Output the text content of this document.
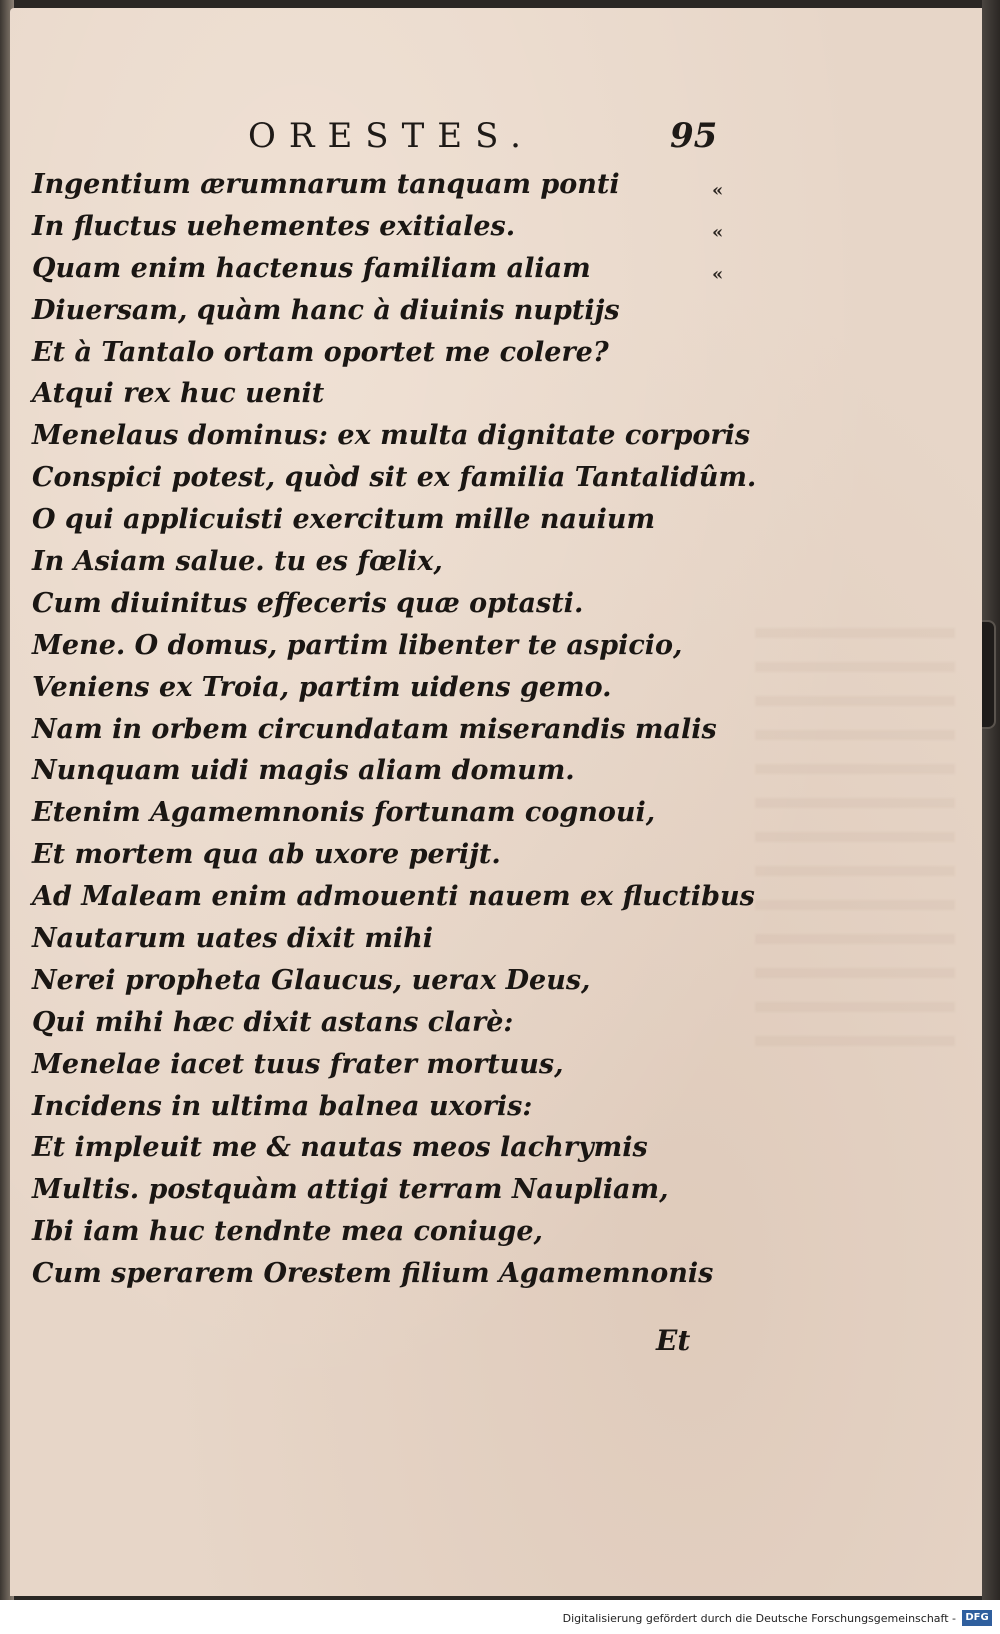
ORESTES.	95
«
«
«
Ingentium ærumnarum tanquam ponti
In fluctus uehementes exitiales.
Quam enim hactenus familiam aliam
Diuersam, quàm hanc à diuinis nuptijs
Et à Tantalo ortam oportet me colere?
Atqui rex huc uenit
Menelaus dominus: ex multa dignitate corporis
Conspici potest, quòd sit ex familia Tantalidûm.
O qui applicuisti exercitum mille nauium
In Asiam salue. tu es fœlix,
Cum diuinitus effeceris quæ optasti.
Mene. O domus, partim libenter te aspicio,
Veniens ex Troia, partim uidens gemo.
Nam in orbem circundatam miserandis malis
Nunquam uidi magis aliam domum.
Etenim Agamemnonis fortunam cognoui,
Et mortem qua ab uxore perijt.
Ad Maleam enim admouenti nauem ex fluctibus
Nautarum uates dixit mihi
Nerei propheta Glaucus, uerax Deus,
Qui mihi hæc dixit astans clarè:
Menelae iacet tuus frater mortuus,
Incidens in ultima balnea uxoris:
Et impleuit me & nautas meos lachrymis
Multis. postquàm attigi terram Naupliam,
Ibi iam huc tendnte mea coniuge,
Cum sperarem Orestem filium Agamemnonis
Et
Digitalisierung gefördert durch die Deutsche Forschungsgemeinschaft - DFG
